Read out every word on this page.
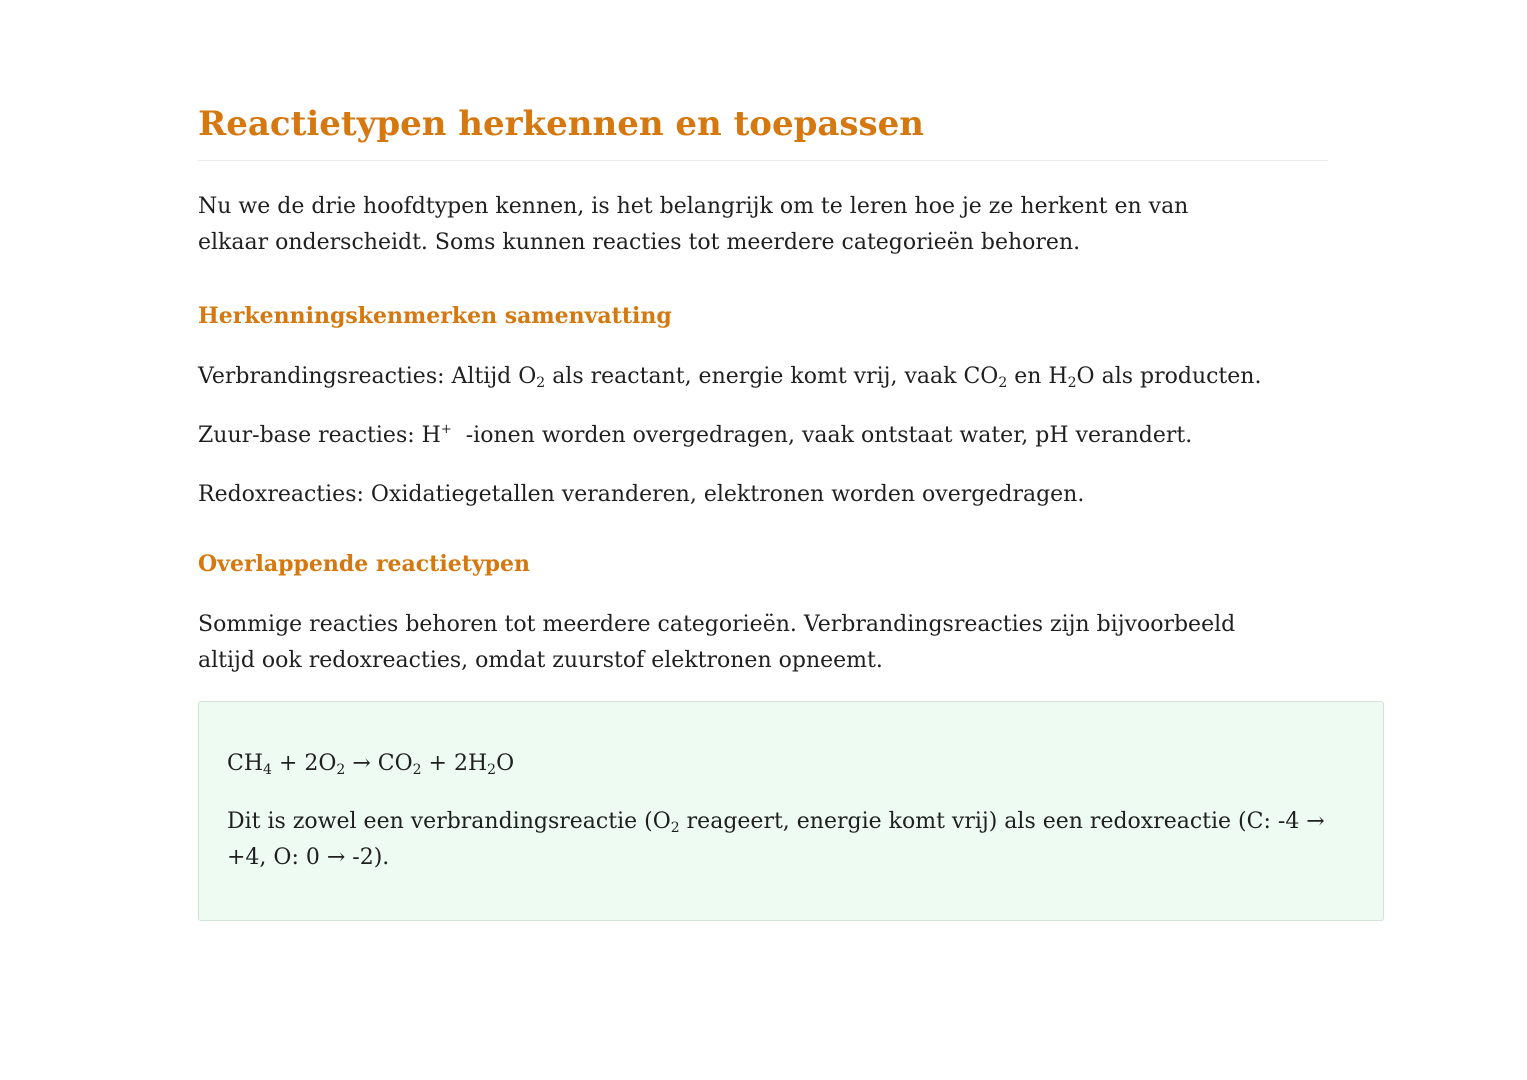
Reactietypen herkennen en toepassen

Nu we de drie hoofdtypen kennen, is het belangrijk om te leren hoe je ze herkent en van elkaar onderscheidt. Soms kunnen reacties tot meerdere categorieën behoren.

Herkenningskenmerken samenvatting

Verbrandingsreacties: Altijd $O_2$ als reactant, energie komt vrij, vaak $CO_2$ en $H_2O$ als producten.

Zuur-base reacties: H+ -ionen worden overgedragen, vaak ontstaat water, pH verandert.

Redoxreacties: Oxidatiegetallen veranderen, elektronen worden overgedragen.

Overlappende reactietypen

Sommige reacties behoren tot meerdere categorieën. Verbrandingsreacties zijn bijvoorbeeld altijd ook redoxreacties, omdat zuurstof elektronen opneemt.

$CH_4 + 2O_2 \to CO_2 + 2H_2O$

Dit is zowel een verbrandingsreactie ($O_2$ reageert, energie komt vrij) als een redoxreactie (C: -4 → +4, O: 0 → -2).
